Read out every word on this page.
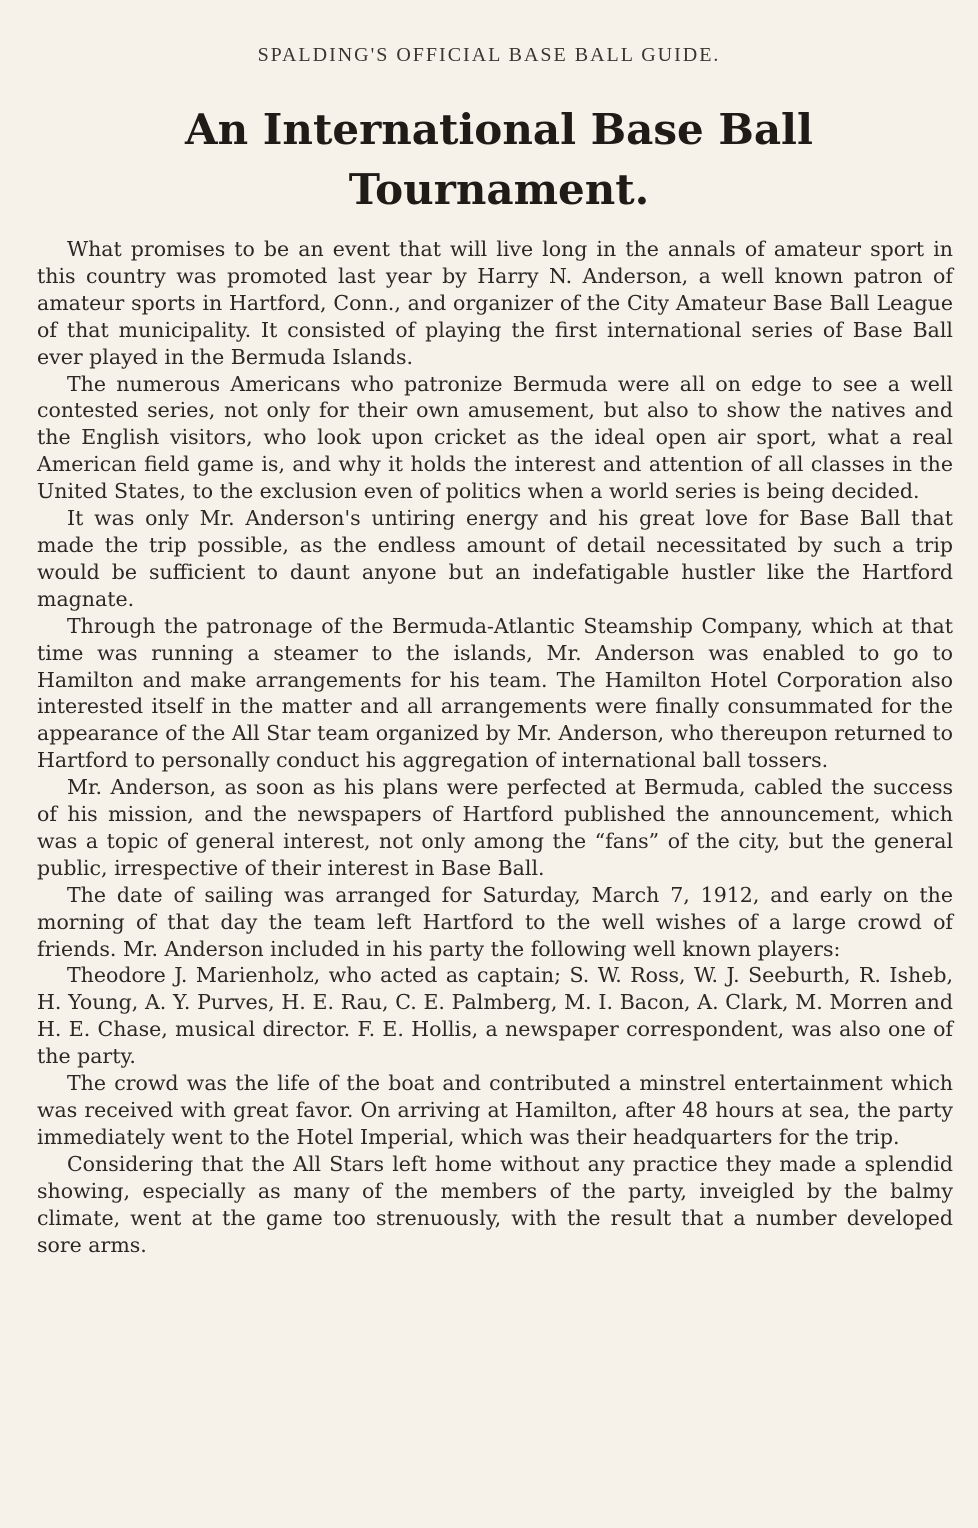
SPALDING'S OFFICIAL BASE BALL GUIDE.
An International Base Ball Tournament.

What promises to be an event that will live long in the annals of amateur sport in this country was promoted last year by Harry N. Anderson, a well known patron of amateur sports in Hartford, Conn., and organizer of the City Amateur Base Ball League of that municipality. It consisted of playing the first international series of Base Ball ever played in the Bermuda Islands.

The numerous Americans who patronize Bermuda were all on edge to see a well contested series, not only for their own amusement, but also to show the natives and the English visitors, who look upon cricket as the ideal open air sport, what a real American field game is, and why it holds the interest and attention of all classes in the United States, to the exclusion even of politics when a world series is being decided.

It was only Mr. Anderson's untiring energy and his great love for Base Ball that made the trip possible, as the endless amount of detail necessitated by such a trip would be sufficient to daunt anyone but an indefatigable hustler like the Hartford magnate.

Through the patronage of the Bermuda-Atlantic Steamship Company, which at that time was running a steamer to the islands, Mr. Anderson was enabled to go to Hamilton and make arrangements for his team. The Hamilton Hotel Corporation also interested itself in the matter and all arrangements were finally consummated for the appearance of the All Star team organized by Mr. Anderson, who thereupon returned to Hartford to personally conduct his aggregation of international ball tossers.

Mr. Anderson, as soon as his plans were perfected at Bermuda, cabled the success of his mission, and the newspapers of Hartford published the announcement, which was a topic of general interest, not only among the “fans” of the city, but the general public, irrespective of their interest in Base Ball.

The date of sailing was arranged for Saturday, March 7, 1912, and early on the morning of that day the team left Hartford to the well wishes of a large crowd of friends. Mr. Anderson included in his party the following well known players:

Theodore J. Marienholz, who acted as captain; S. W. Ross, W. J. Seeburth, R. Isheb, H. Young, A. Y. Purves, H. E. Rau, C. E. Palmberg, M. I. Bacon, A. Clark, M. Morren and H. E. Chase, musical director. F. E. Hollis, a newspaper correspondent, was also one of the party.

The crowd was the life of the boat and contributed a minstrel entertainment which was received with great favor. On arriving at Hamilton, after 48 hours at sea, the party immediately went to the Hotel Imperial, which was their headquarters for the trip.

Considering that the All Stars left home without any practice they made a splendid showing, especially as many of the members of the party, inveigled by the balmy climate, went at the game too strenuously, with the result that a number developed sore arms.
